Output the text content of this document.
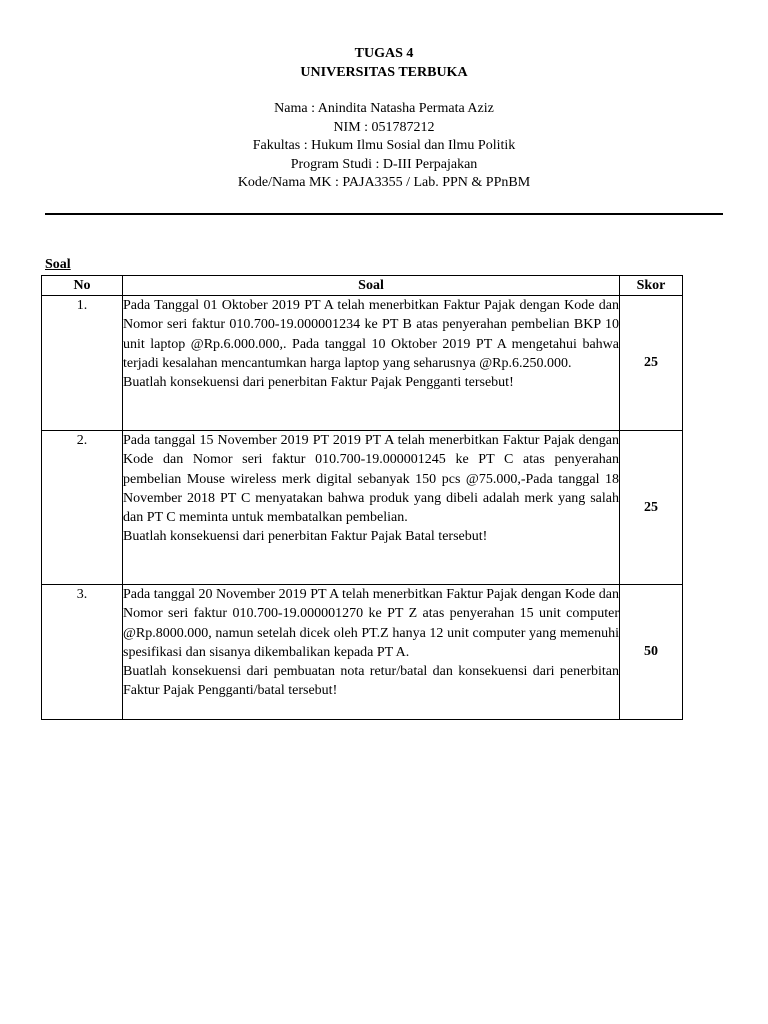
TUGAS 4
UNIVERSITAS TERBUKA
Nama : Anindita Natasha Permata Aziz
NIM : 051787212
Fakultas : Hukum Ilmu Sosial dan Ilmu Politik
Program Studi : D-III Perpajakan
Kode/Nama MK : PAJA3355 / Lab. PPN & PPnBM
Soal
No	Soal	Skor
1.	Pada Tanggal 01 Oktober 2019 PT A telah menerbitkan Faktur Pajak dengan Kode dan Nomor seri faktur 010.700-19.000001234 ke PT B atas penyerahan pembelian BKP 10 unit laptop @Rp.6.000.000,. Pada tanggal 10 Oktober 2019 PT A mengetahui bahwa terjadi kesalahan mencantumkan harga laptop yang seharusnya @Rp.6.250.000.

Buatlah konsekuensi dari penerbitan Faktur Pajak Pengganti tersebut!	25
2.	Pada tanggal 15 November 2019 PT 2019 PT A telah menerbitkan Faktur Pajak dengan Kode dan Nomor seri faktur 010.700-19.000001245 ke PT C atas penyerahan pembelian Mouse wireless merk digital sebanyak 150 pcs @75.000,-Pada tanggal 18 November 2018 PT C menyatakan bahwa produk yang dibeli adalah merk yang salah dan PT C meminta untuk membatalkan pembelian.

Buatlah konsekuensi dari penerbitan Faktur Pajak Batal tersebut!	25
3.	Pada tanggal 20 November 2019 PT A telah menerbitkan Faktur Pajak dengan Kode dan Nomor seri faktur 010.700-19.000001270 ke PT Z atas penyerahan 15 unit computer @Rp.8000.000, namun setelah dicek oleh PT.Z hanya 12 unit computer yang memenuhi spesifikasi dan sisanya dikembalikan kepada PT A.

Buatlah konsekuensi dari pembuatan nota retur/batal dan konsekuensi dari penerbitan Faktur Pajak Pengganti/batal tersebut!	50
